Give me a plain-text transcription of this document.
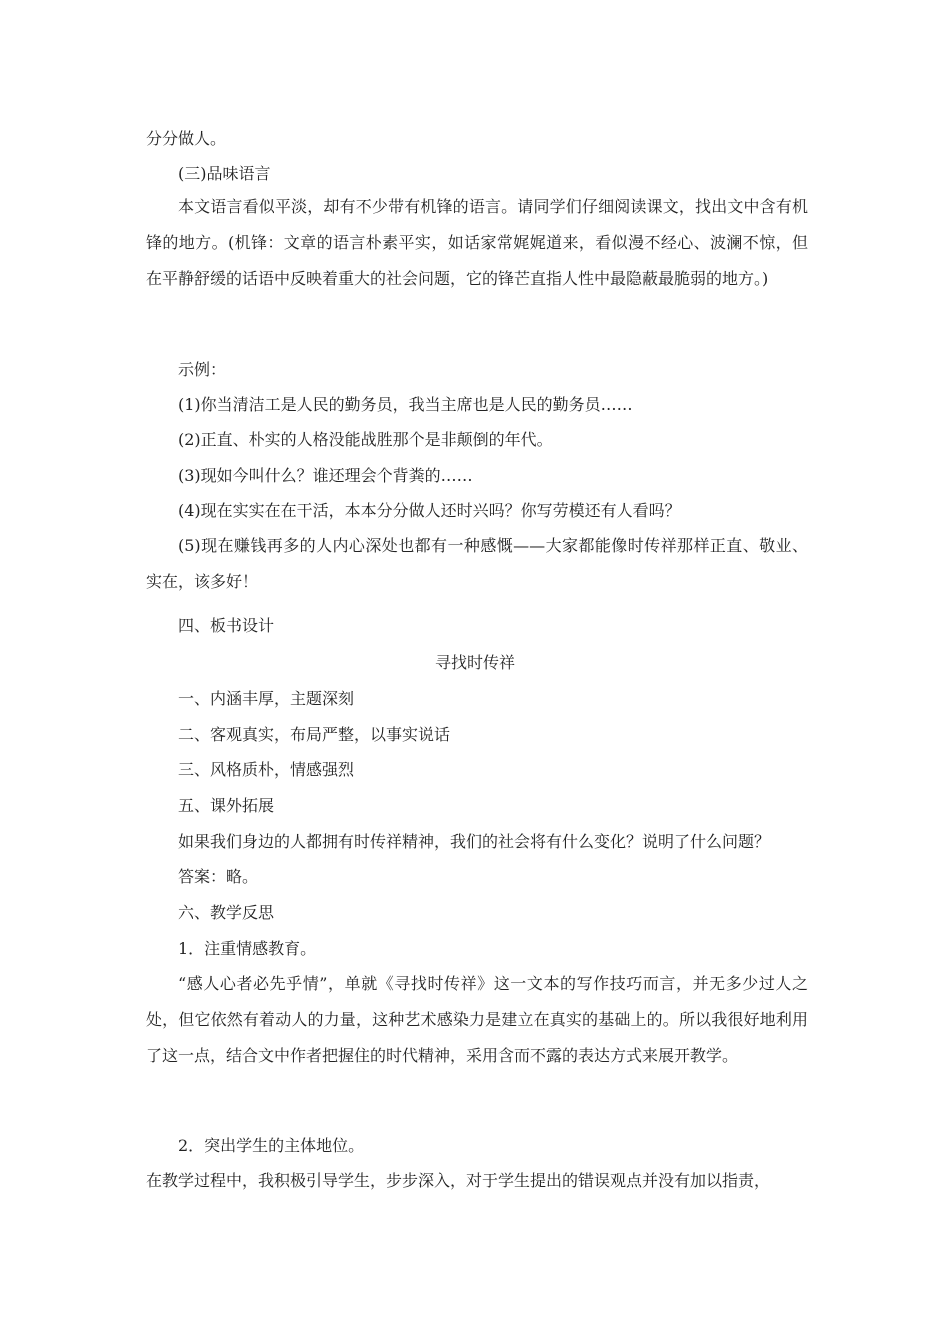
分分做人。
(三)品味语言
本文语言看似平淡，却有不少带有机锋的语言。请同学们仔细阅读课文，找出文中含有机锋的地方。(机锋：文章的语言朴素平实，如话家常娓娓道来，看似漫不经心、波澜不惊，但在平静舒缓的话语中反映着重大的社会问题，它的锋芒直指人性中最隐蔽最脆弱的地方。)
示例：
(1)你当清洁工是人民的勤务员，我当主席也是人民的勤务员……
(2)正直、朴实的人格没能战胜那个是非颠倒的年代。
(3)现如今叫什么？谁还理会个背粪的……
(4)现在实实在在干活，本本分分做人还时兴吗？你写劳模还有人看吗？
(5)现在赚钱再多的人内心深处也都有一种感慨——大家都能像时传祥那样正直、敬业、实在，该多好！
四、板书设计
寻找时传祥
一、内涵丰厚，主题深刻
二、客观真实，布局严整，以事实说话
三、风格质朴，情感强烈
五、课外拓展
如果我们身边的人都拥有时传祥精神，我们的社会将有什么变化？说明了什么问题？
答案：略。
六、教学反思
1．注重情感教育。
“感人心者必先乎情”，单就《寻找时传祥》这一文本的写作技巧而言，并无多少过人之处，但它依然有着动人的力量，这种艺术感染力是建立在真实的基础上的。所以我很好地利用了这一点，结合文中作者把握住的时代精神，采用含而不露的表达方式来展开教学。
2．突出学生的主体地位。
在教学过程中，我积极引导学生，步步深入，对于学生提出的错误观点并没有加以指责，
